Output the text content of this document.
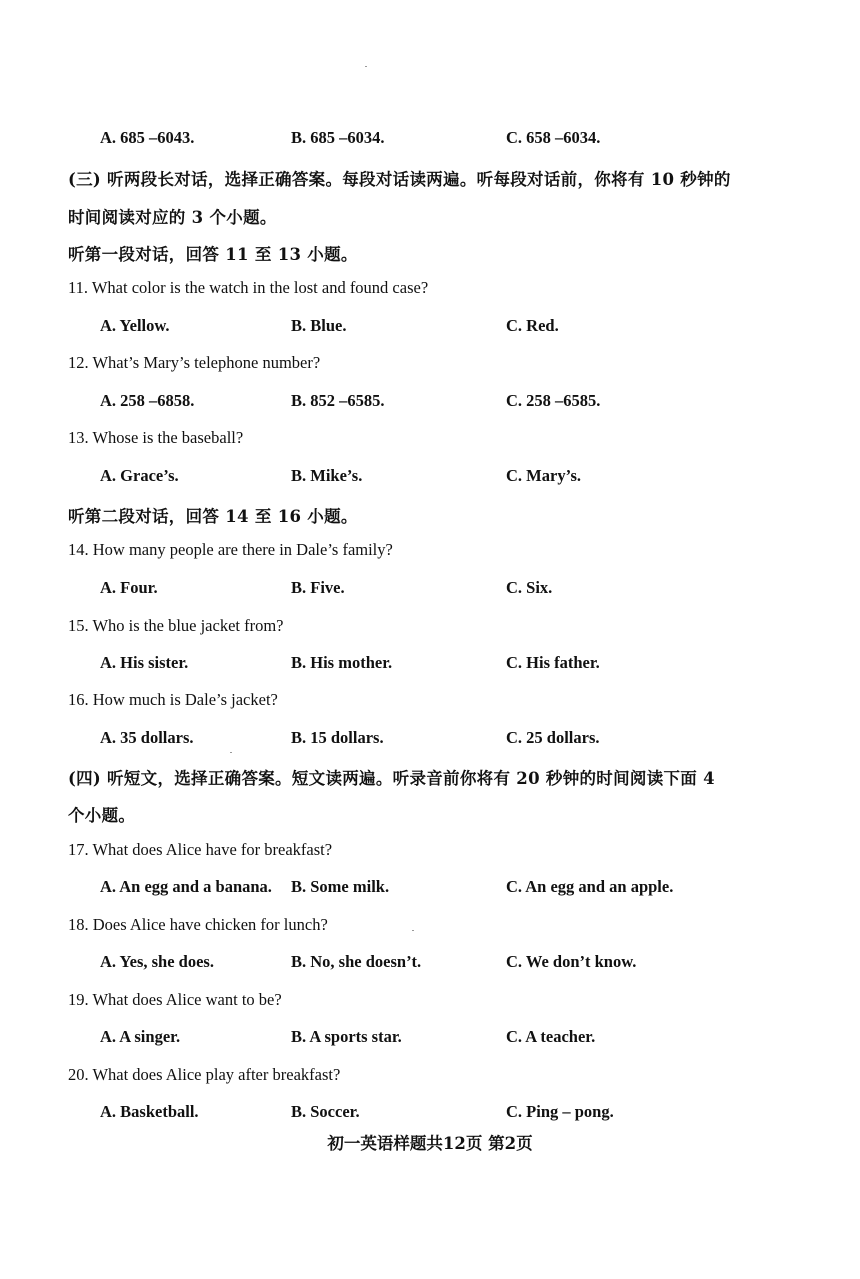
A. 685 –6043.	B. 685 –6034.	C. 658 –6034.
(三) 听两段长对话，选择正确答案。每段对话读两遍。听每段对话前，你将有 10 秒钟的
时间阅读对应的 3 个小题。
听第一段对话，回答 11 至 13 小题。
11. What color is the watch in the lost and found case?
A. Yellow.	B. Blue.	C. Red.
12. What’s Mary’s telephone number?
A. 258 –6858.	B. 852 –6585.	C. 258 –6585.
13. Whose is the baseball?
A. Grace’s.	B. Mike’s.	C. Mary’s.
听第二段对话，回答 14 至 16 小题。
14. How many people are there in Dale’s family?
A. Four.	B. Five.	C. Six.
15. Who is the blue jacket from?
A. His sister.	B. His mother.	C. His father.
16. How much is Dale’s jacket?
A. 35 dollars.	B. 15 dollars.	C. 25 dollars.
(四) 听短文，选择正确答案。短文读两遍。听录音前你将有 20 秒钟的时间阅读下面 4
个小题。
17. What does Alice have for breakfast?
A. An egg and a banana. B. Some milk.	C. An egg and an apple.
18. Does Alice have chicken for lunch?
A. Yes, she does.	B. No, she doesn’t.	C. We don’t know.
19. What does Alice want to be?
A. A singer.	B. A sports star.	C. A teacher.
20. What does Alice play after breakfast?
A. Basketball.	B. Soccer.	C. Ping – pong.
初一英语样题共12页 第2页
